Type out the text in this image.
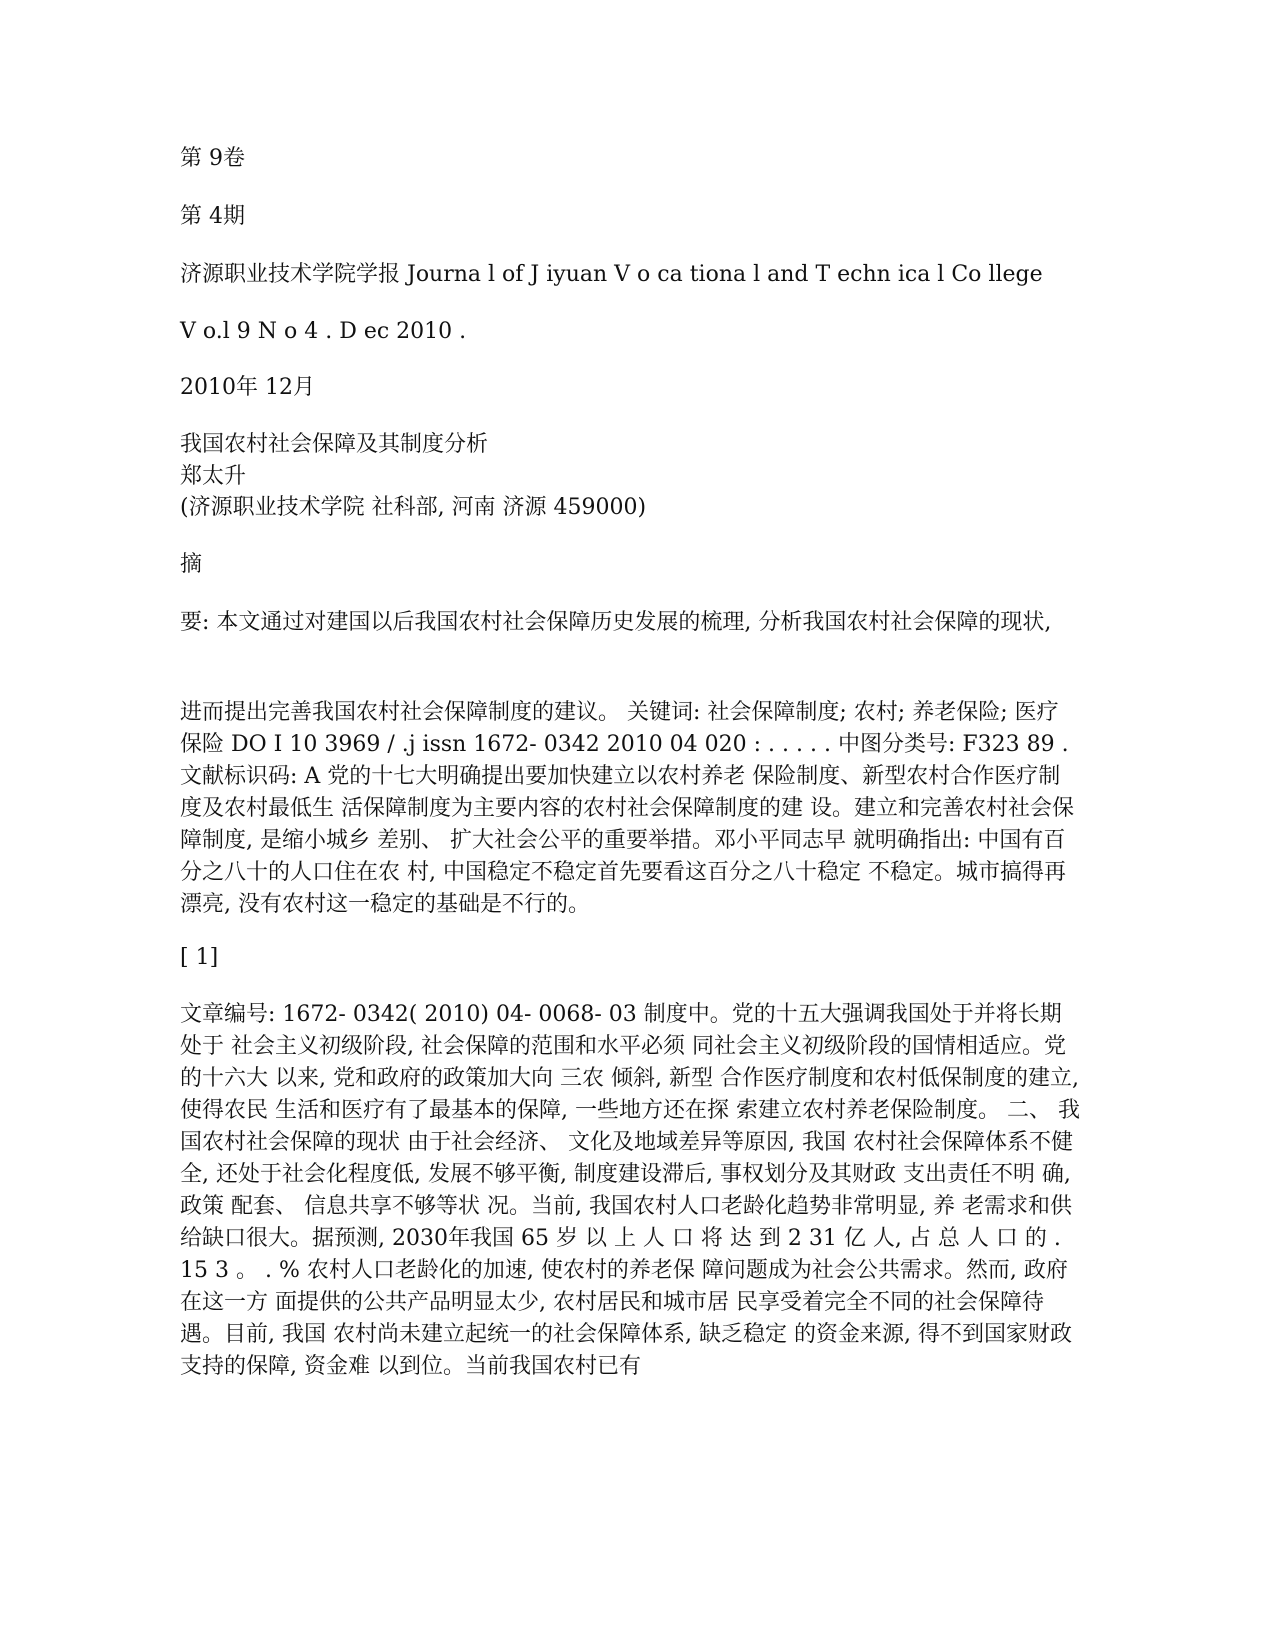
第 9卷
第 4期
济源职业技术学院学报 Journa l of J iyuan V o ca tiona l and T echn ica l Co llege
V o.l 9 N o 4 . D ec 2010 .
2010年 12月
我国农村社会保障及其制度分析
郑太升
(济源职业技术学院 社科部, 河南 济源 459000)
摘
要: 本文通过对建国以后我国农村社会保障历史发展的梳理, 分析我国农村社会保障的现状,
进而提出完善我国农村社会保障制度的建议。 关键词: 社会保障制度; 农村; 养老保险; 医疗保险 DO I 10 3969 / .j issn 1672- 0342 2010 04 020 : . . . . . 中图分类号: F323 89 . 文献标识码: A 党的十七大明确提出要加快建立以农村养老 保险制度、新型农村合作医疗制度及农村最低生 活保障制度为主要内容的农村社会保障制度的建 设。建立和完善农村社会保障制度, 是缩小城乡 差别、 扩大社会公平的重要举措。邓小平同志早 就明确指出: 中国有百 分之八十的人口住在农 村, 中国稳定不稳定首先要看这百分之八十稳定 不稳定。城市搞得再漂亮, 没有农村这一稳定的基础是不行的。
[ 1]
文章编号: 1672- 0342( 2010) 04- 0068- 03 制度中。党的十五大强调我国处于并将长期处于 社会主义初级阶段, 社会保障的范围和水平必须 同社会主义初级阶段的国情相适应。党的十六大 以来, 党和政府的政策加大向 三农 倾斜, 新型 合作医疗制度和农村低保制度的建立, 使得农民 生活和医疗有了最基本的保障, 一些地方还在探 索建立农村养老保险制度。 二、 我国农村社会保障的现状 由于社会经济、 文化及地域差异等原因, 我国 农村社会保障体系不健全, 还处于社会化程度低, 发展不够平衡, 制度建设滞后, 事权划分及其财政 支出责任不明 确, 政策 配套、 信息共享不够等状 况。当前, 我国农村人口老龄化趋势非常明显, 养 老需求和供给缺口很大。据预测, 2030年我国 65 岁 以 上 人 口 将 达 到 2 31 亿 人, 占 总 人 口 的 . 15 3 。 . % 农村人口老龄化的加速, 使农村的养老保 障问题成为社会公共需求。然而, 政府在这一方 面提供的公共产品明显太少, 农村居民和城市居 民享受着完全不同的社会保障待遇。目前, 我国 农村尚未建立起统一的社会保障体系, 缺乏稳定 的资金来源, 得不到国家财政支持的保障, 资金难 以到位。当前我国农村已有
